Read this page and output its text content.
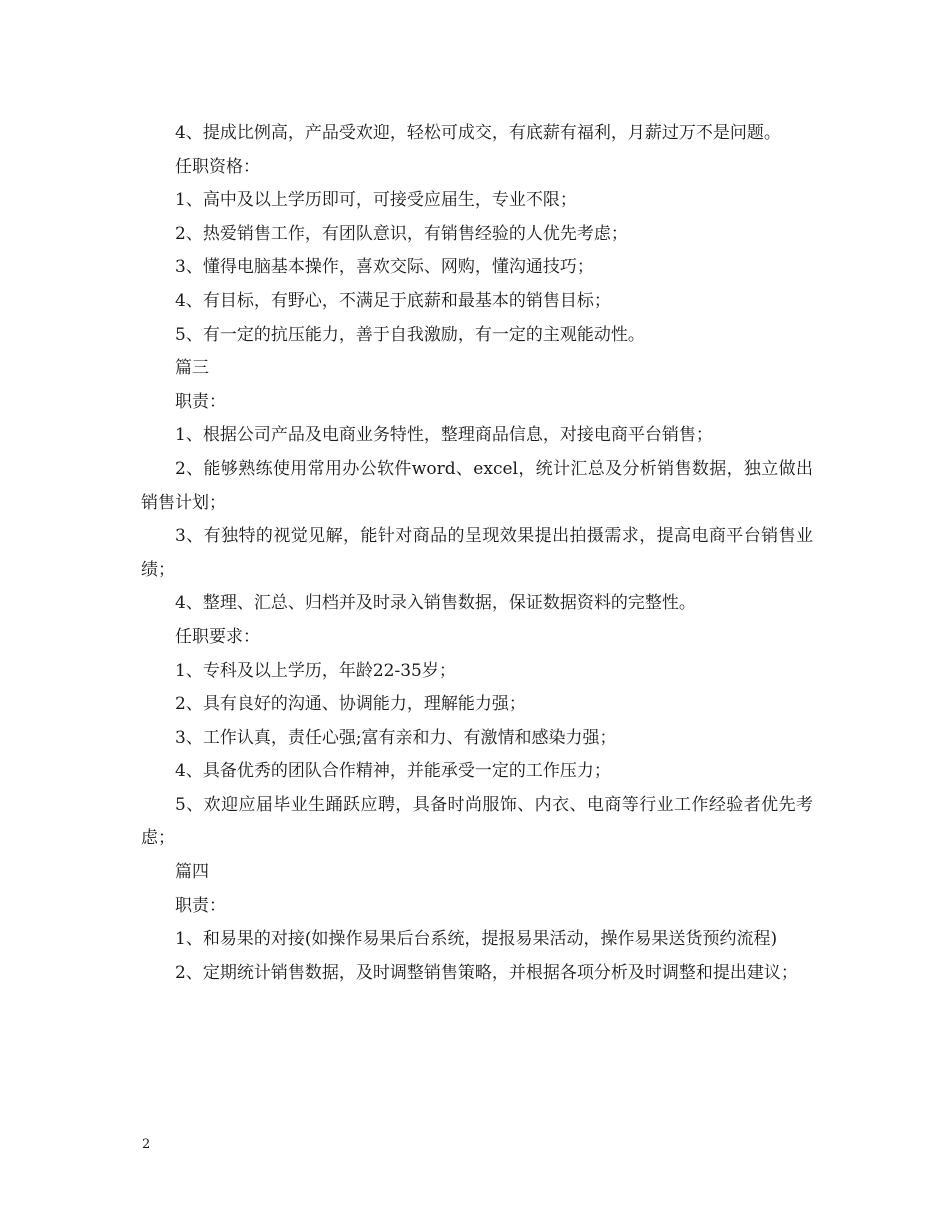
4、提成比例高，产品受欢迎，轻松可成交，有底薪有福利，月薪过万不是问题。

任职资格：

1、高中及以上学历即可，可接受应届生，专业不限；

2、热爱销售工作，有团队意识，有销售经验的人优先考虑；

3、懂得电脑基本操作，喜欢交际、网购，懂沟通技巧；

4、有目标，有野心，不满足于底薪和最基本的销售目标；

5、有一定的抗压能力，善于自我激励，有一定的主观能动性。

篇三

职责：

1、根据公司产品及电商业务特性，整理商品信息，对接电商平台销售；

2、能够熟练使用常用办公软件word、excel，统计汇总及分析销售数据，独立做出销售计划；

3、有独特的视觉见解，能针对商品的呈现效果提出拍摄需求，提高电商平台销售业绩；

4、整理、汇总、归档并及时录入销售数据，保证数据资料的完整性。

任职要求：

1、专科及以上学历，年龄22-35岁；

2、具有良好的沟通、协调能力，理解能力强；

3、工作认真，责任心强;富有亲和力、有激情和感染力强；

4、具备优秀的团队合作精神，并能承受一定的工作压力；

5、欢迎应届毕业生踊跃应聘，具备时尚服饰、内衣、电商等行业工作经验者优先考虑；

篇四

职责：

1、和易果的对接(如操作易果后台系统，提报易果活动，操作易果送货预约流程)

2、定期统计销售数据，及时调整销售策略，并根据各项分析及时调整和提出建议；

2
